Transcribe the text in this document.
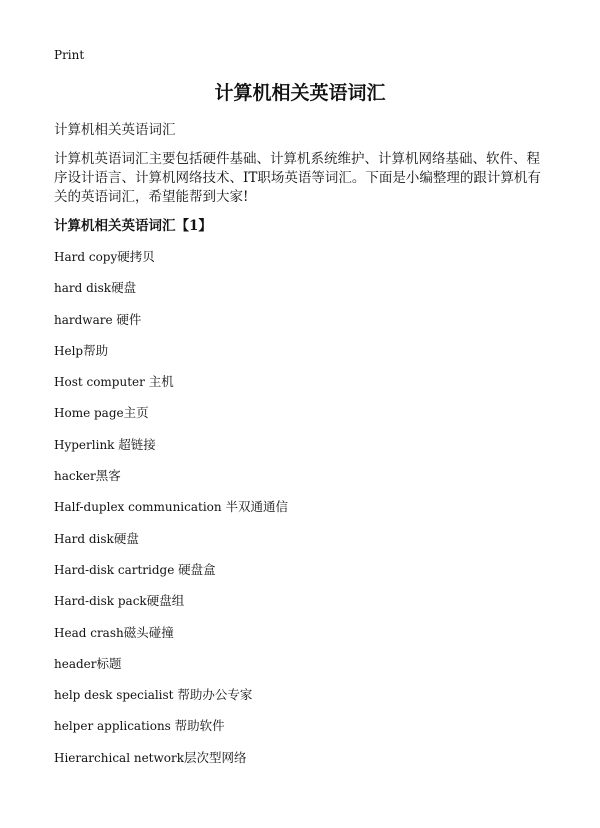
Print
计算机相关英语词汇
计算机相关英语词汇

计算机英语词汇主要包括硬件基础、计算机系统维护、计算机网络基础、软件、程序设计语言、计算机网络技术、IT职场英语等词汇。下面是小编整理的跟计算机有关的英语词汇，希望能帮到大家!

计算机相关英语词汇【1】
Hard copy硬拷贝
hard disk硬盘
hardware 硬件
Help帮助
Host computer 主机
Home page主页
Hyperlink 超链接
hacker黑客
Half-duplex communication 半双通通信
Hard disk硬盘
Hard-disk cartridge 硬盘盒
Hard-disk pack硬盘组
Head crash磁头碰撞
header标题
help desk specialist 帮助办公专家
helper applications 帮助软件
Hierarchical network层次型网络
